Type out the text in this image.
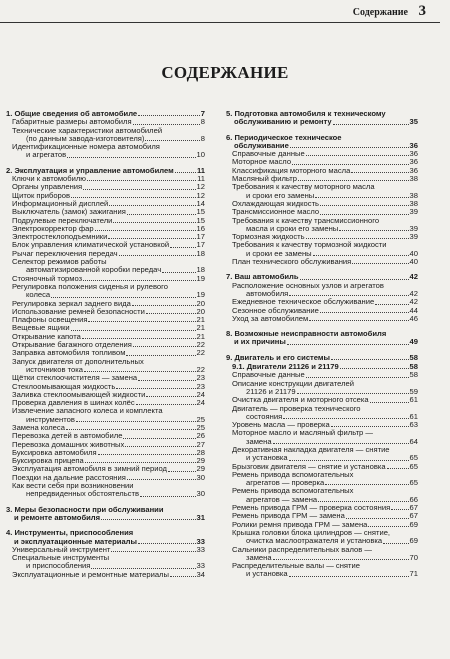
Содержание 3
СОДЕРЖАНИЕ
1. Общие сведения об автомобиле	7
Габаритные размеры автомобиля	8
Технические характеристики автомобилей
(по данным завода-изготовителя)	8
Идентификационные номера автомобиля
и агрегатов	10
2. Эксплуатация и управление автомобилем	11
Ключи к автомобилю	11
Органы управления	12
Щиток приборов	12
Информационный дисплей	14
Выключатель (замок) зажигания	15
Подрулевые переключатели	15
Электрокорректор фар	16
Электростеклоподъемники	17
Блок управления климатической установкой	17
Рычаг переключения передач	18
Селектор режимов работы
автоматизированной коробки передач	18
Стояночный тормоз	19
Регулировка положения сиденья и рулевого
колеса	19
Регулировка зеркал заднего вида	20
Использование ремней безопасности	20
Плафоны освещения	21
Вещевые ящики	21
Открывание капота	21
Открывание багажного отделения	22
Заправка автомобиля топливом	22
Запуск двигателя от дополнительных
источников тока	22
Щётки стеклоочистителя — замена	23
Стеклоомывающая жидкость	23
Заливка стеклоомывающей жидкости	24
Проверка давления в шинах колёс	24
Извлечение запасного колеса и комплекта
инструментов	25
Замена колеса	25
Перевозка детей в автомобиле	26
Перевозка домашних животных	27
Буксировка автомобиля	28
Буксировка прицепа	29
Эксплуатация автомобиля в зимний период	29
Поездки на дальние расстояния	30
Как вести себя при возникновении
непредвиденных обстоятельств	30
3. Меры безопасности при обслуживании
и ремонте автомобиля	31
4. Инструменты, приспособления
и эксплуатационные материалы	33
Универсальный инструмент	33
Специальные инструменты
и приспособления	33
Эксплуатационные и ремонтные материалы	34
5. Подготовка автомобиля к техническому
обслуживанию и ремонту	35
6. Периодическое техническое
обслуживание	36
Справочные данные	36
Моторное масло	36
Классификация моторного масла	36
Масляный фильтр	38
Требования к качеству моторного масла
и сроки его замены	38
Охлаждающая жидкость	38
Трансмиссионное масло	39
Требования к качеству трансмиссионного
масла и сроки его замены	39
Тормозная жидкость	39
Требования к качеству тормозной жидкости
и сроки ее замены	40
План технического обслуживания	40
7. Ваш автомобиль	42
Расположение основных узлов и агрегатов
автомобиля	42
Ежедневное техническое обслуживание	42
Сезонное обслуживание	44
Уход за автомобилем	46
8. Возможные неисправности автомобиля
и их причины	49
9. Двигатель и его системы	58
9.1. Двигатели 21126 и 21179	58
Справочные данные	58
Описание конструкции двигателей
21126 и 21179	59
Очистка двигателя и моторного отсека	61
Двигатель — проверка технического
состояния	61
Уровень масла — проверка	63
Моторное масло и масляный фильтр —
замена	64
Декоративная накладка двигателя — снятие
и установка	65
Брызговик двигателя — снятие и установка	65
Ремень привода вспомогательных
агрегатов — проверка	65
Ремень привода вспомогательных
агрегатов — замена	66
Ремень привода ГРМ — проверка состояния	67
Ремень привода ГРМ — замена	67
Ролики ремня привода ГРМ — замена	69
Крышка головки блока цилиндров — снятие,
очистка маслоотражателя и установка	69
Сальники распределительных валов —
замена	70
Распределительные валы — снятие
и установка	71
